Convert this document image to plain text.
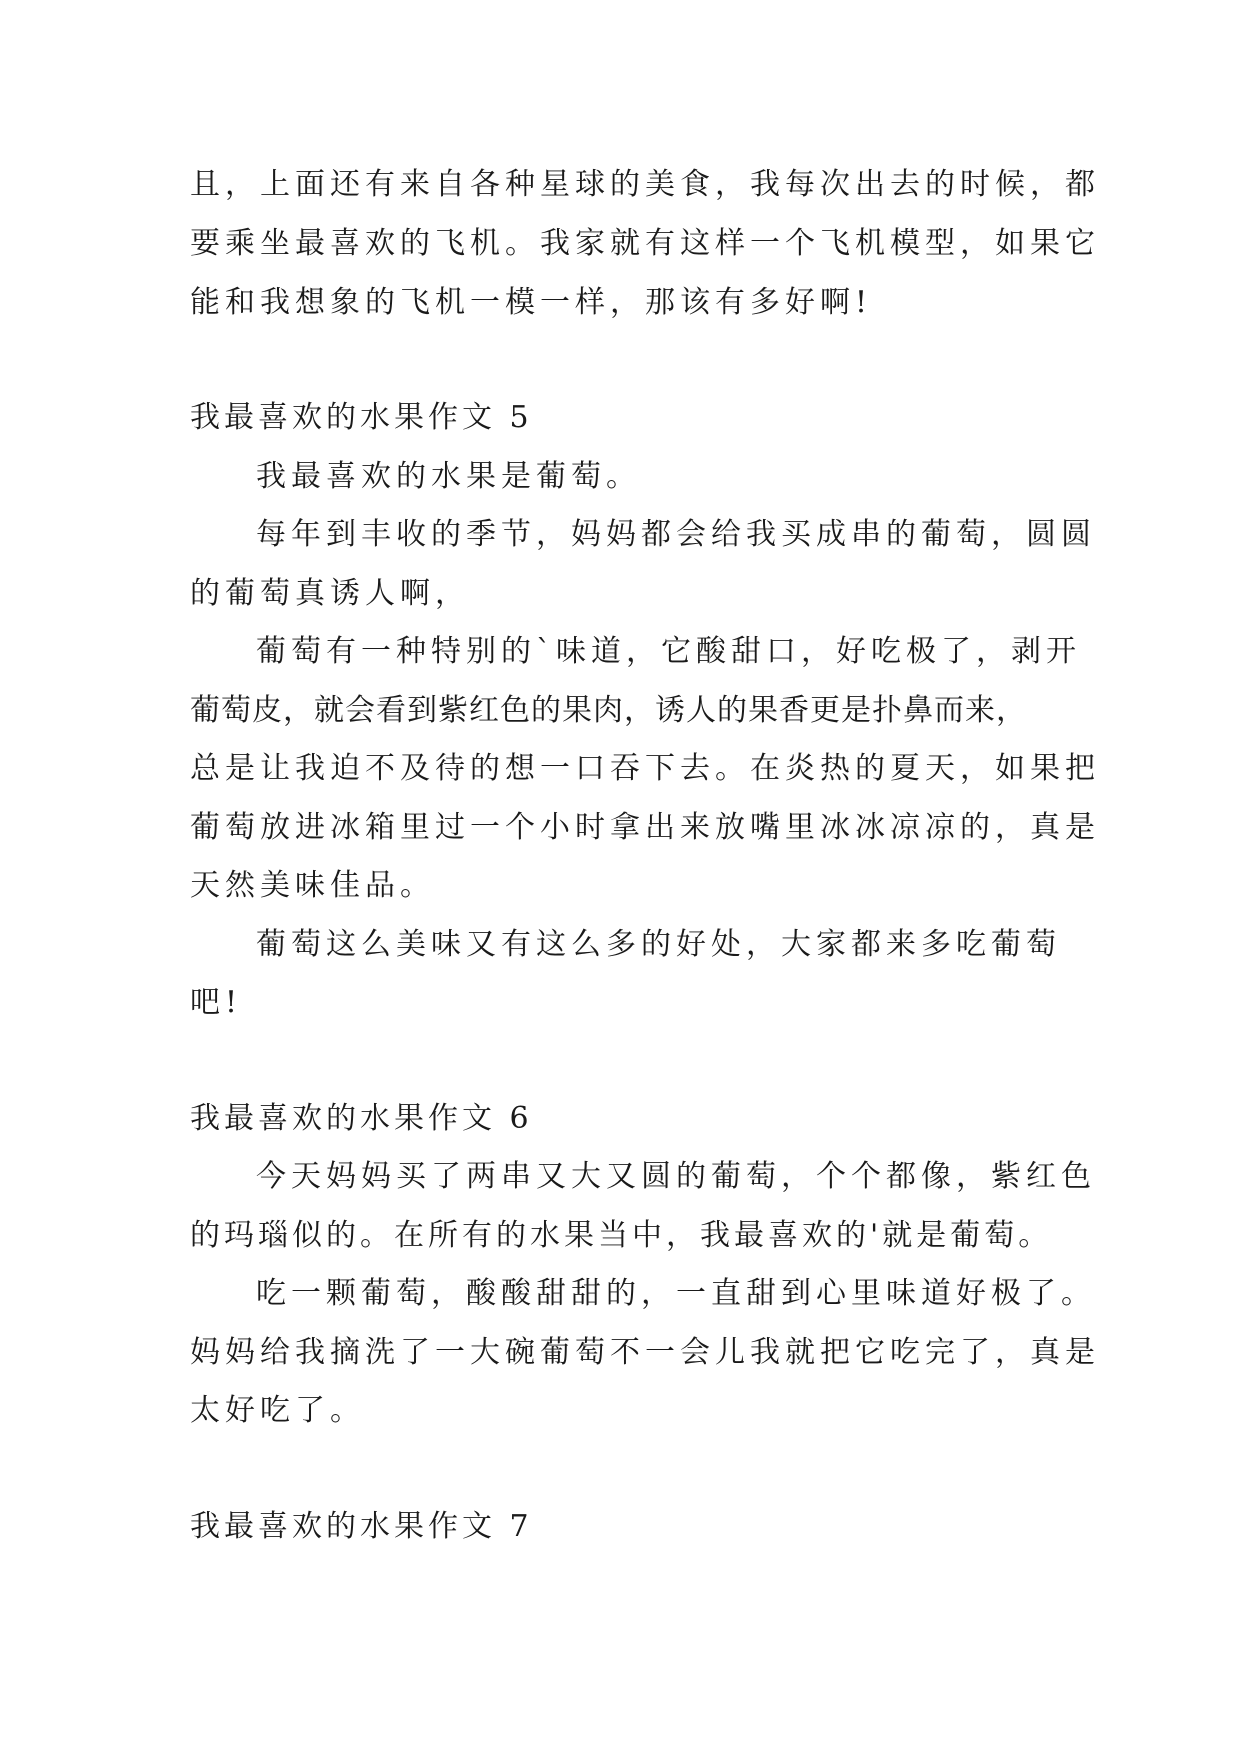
且，上面还有来自各种星球的美食，我每次出去的时候，都
要乘坐最喜欢的飞机。我家就有这样一个飞机模型，如果它
能和我想象的飞机一模一样，那该有多好啊!
我最喜欢的水果作文 5
我最喜欢的水果是葡萄。
每年到丰收的季节，妈妈都会给我买成串的葡萄，圆圆
的葡萄真诱人啊，
葡萄有一种特别的`味道，它酸甜口，好吃极了，剥开
葡萄皮，就会看到紫红色的果肉，诱人的果香更是扑鼻而来，
总是让我迫不及待的想一口吞下去。在炎热的夏天，如果把
葡萄放进冰箱里过一个小时拿出来放嘴里冰冰凉凉的，真是
天然美味佳品。
葡萄这么美味又有这么多的好处，大家都来多吃葡萄
吧!
我最喜欢的水果作文 6
今天妈妈买了两串又大又圆的葡萄，个个都像，紫红色
的玛瑙似的。在所有的水果当中，我最喜欢的'就是葡萄。
吃一颗葡萄，酸酸甜甜的，一直甜到心里味道好极了。
妈妈给我摘洗了一大碗葡萄不一会儿我就把它吃完了，真是
太好吃了。
我最喜欢的水果作文 7
